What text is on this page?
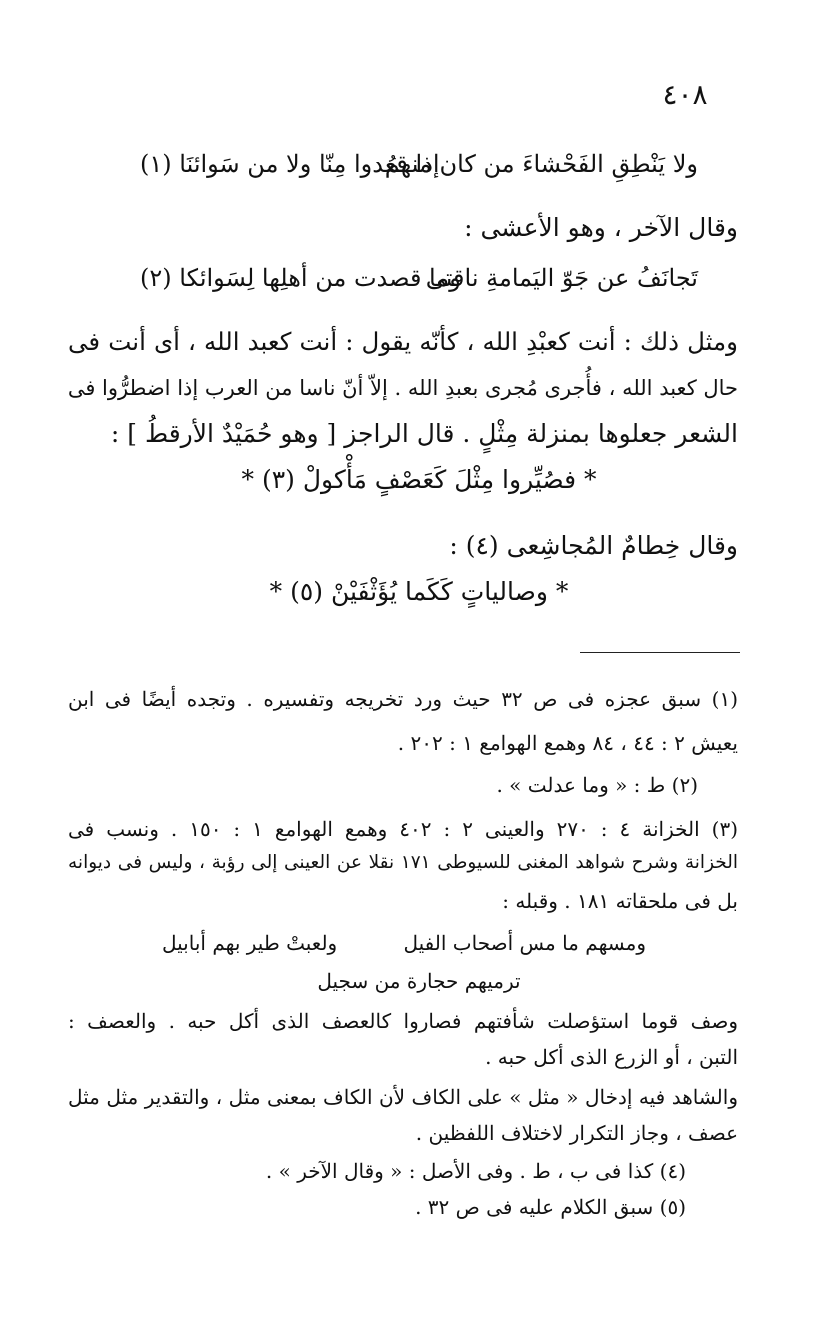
٤٠٨
ولا يَنْطِقِ الفَحْشاءَ من كان منهمُ
إذا قعدوا مِنّا ولا من سَوائنَا (١)
وقال الآخر ، وهو الأعشى :
تَجانَفُ عن جَوّ اليَمامةِ ناقتى
وما قصدت من أهلِها لِسَوائكا (٢)
ومثل ذلك : أنت كعبْدِ الله ، كأنّه يقول : أنت كعبد الله ، أى أنت فى
حال كعبد الله ، فأُجرى مُجرى بعبدِ الله . إلاّ أنّ ناسا من العرب إذا اضطرُّوا فى
الشعر جعلوها بمنزلة مِثْلٍ . قال الراجز [ وهو حُمَيْدٌ الأرقطُ ] :
* فصُيِّروا مِثْلَ كَعَصْفٍ مَأْكولْ (٣) *
وقال خِطامٌ المُجاشِعى (٤) :
* وصالياتٍ كَكَما يُؤَثْفَيْنْ (٥) *
(١) سبق عجزه فى ص ٣٢ حيث ورد تخريجه وتفسيره . وتجده أيضًا فى ابن
يعيش ٢ : ٤٤ ، ٨٤ وهمع الهوامع ١ : ٢٠٢ .
(٢) ط : « وما عدلت » .
(٣) الخزانة ٤ : ٢٧٠ والعينى ٢ : ٤٠٢ وهمع الهوامع ١ : ١٥٠ . ونسب فى
الخزانة وشرح شواهد المغنى للسيوطى ١٧١ نقلا عن العينى إلى رؤبة ، وليس فى ديوانه
بل فى ملحقاته ١٨١ . وقبله :
ومسهم ما مس أصحاب الفيل
ولعبتْ طير بهم أبابيل
ترميهم حجارة من سجيل
وصف قوما استؤصلت شأفتهم فصاروا كالعصف الذى أكل حبه . والعصف :
التبن ، أو الزرع الذى أكل حبه .
والشاهد فيه إدخال « مثل » على الكاف لأن الكاف بمعنى مثل ، والتقدير مثل مثل
عصف ، وجاز التكرار لاختلاف اللفظين .
(٤) كذا فى ب ، ط . وفى الأصل : « وقال الآخر » .
(٥) سبق الكلام عليه فى ص ٣٢ .
